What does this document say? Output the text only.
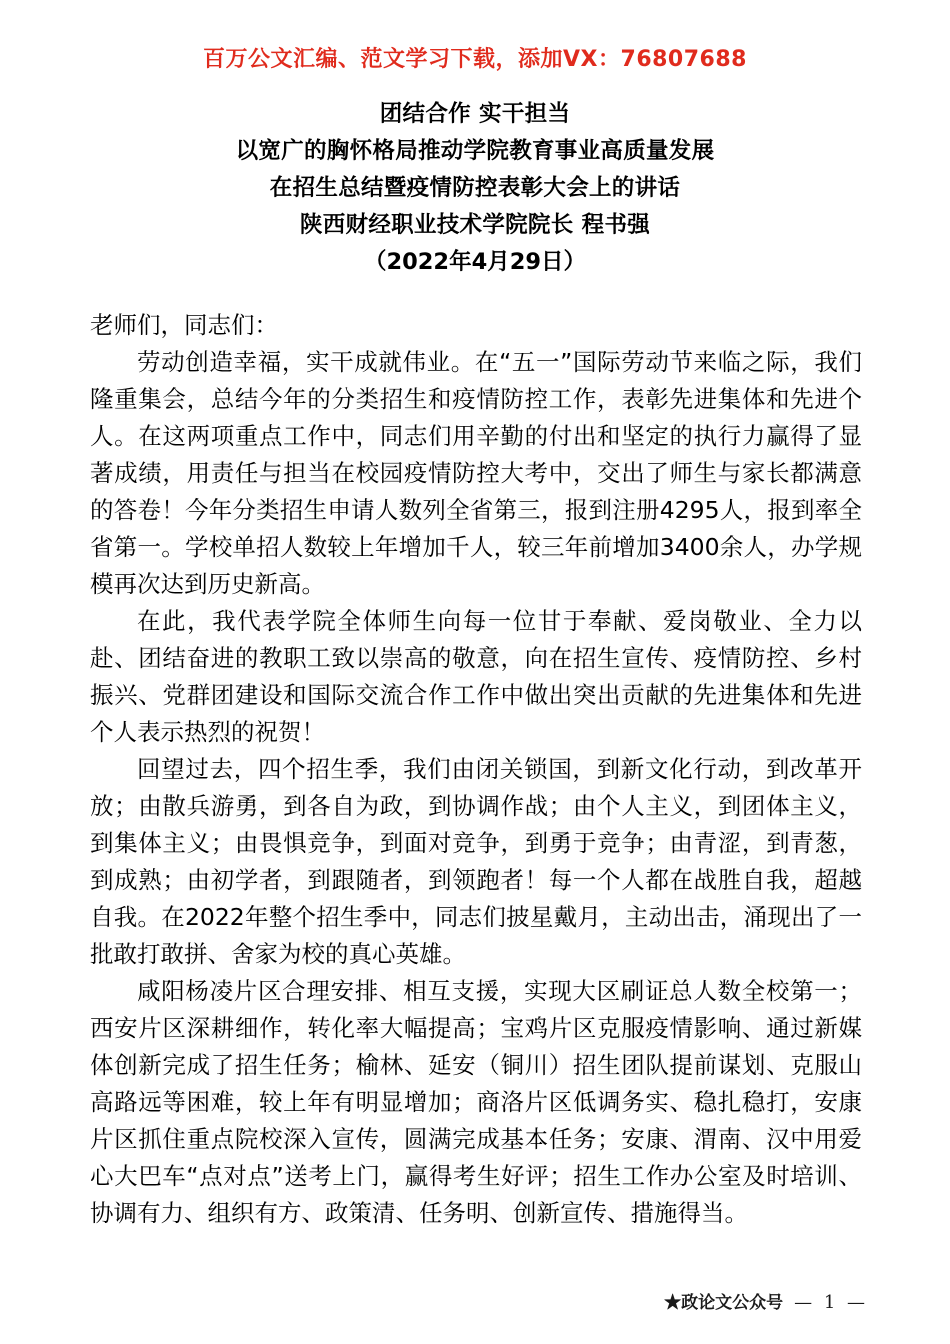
百万公文汇编、范文学习下载，添加VX：76807688
团结合作 实干担当
以宽广的胸怀格局推动学院教育事业高质量发展
在招生总结暨疫情防控表彰大会上的讲话
陕西财经职业技术学院院长 程书强
（2022年4月29日）

老师们，同志们：

劳动创造幸福，实干成就伟业。在“五一”国际劳动节来临之际，我们隆重集会，总结今年的分类招生和疫情防控工作，表彰先进集体和先进个人。在这两项重点工作中，同志们用辛勤的付出和坚定的执行力赢得了显著成绩，用责任与担当在校园疫情防控大考中，交出了师生与家长都满意的答卷！今年分类招生申请人数列全省第三，报到注册4295人，报到率全省第一。学校单招人数较上年增加千人，较三年前增加3400余人，办学规模再次达到历史新高。

在此，我代表学院全体师生向每一位甘于奉献、爱岗敬业、全力以赴、团结奋进的教职工致以崇高的敬意，向在招生宣传、疫情防控、乡村振兴、党群团建设和国际交流合作工作中做出突出贡献的先进集体和先进个人表示热烈的祝贺！

回望过去，四个招生季，我们由闭关锁国，到新文化行动，到改革开放；由散兵游勇，到各自为政，到协调作战；由个人主义，到团体主义，到集体主义；由畏惧竞争，到面对竞争，到勇于竞争；由青涩，到青葱，到成熟；由初学者，到跟随者，到领跑者！每一个人都在战胜自我，超越自我。在2022年整个招生季中，同志们披星戴月，主动出击，涌现出了一批敢打敢拼、舍家为校的真心英雄。

咸阳杨凌片区合理安排、相互支援，实现大区刷证总人数全校第一；西安片区深耕细作，转化率大幅提高；宝鸡片区克服疫情影响、通过新媒体创新完成了招生任务；榆林、延安（铜川）招生团队提前谋划、克服山高路远等困难，较上年有明显增加；商洛片区低调务实、稳扎稳打，安康片区抓住重点院校深入宣传，圆满完成基本任务；安康、渭南、汉中用爱心大巴车“点对点”送考上门，赢得考生好评；招生工作办公室及时培训、协调有力、组织有方、政策清、任务明、创新宣传、措施得当。

★政论文公众号 — 1 —
